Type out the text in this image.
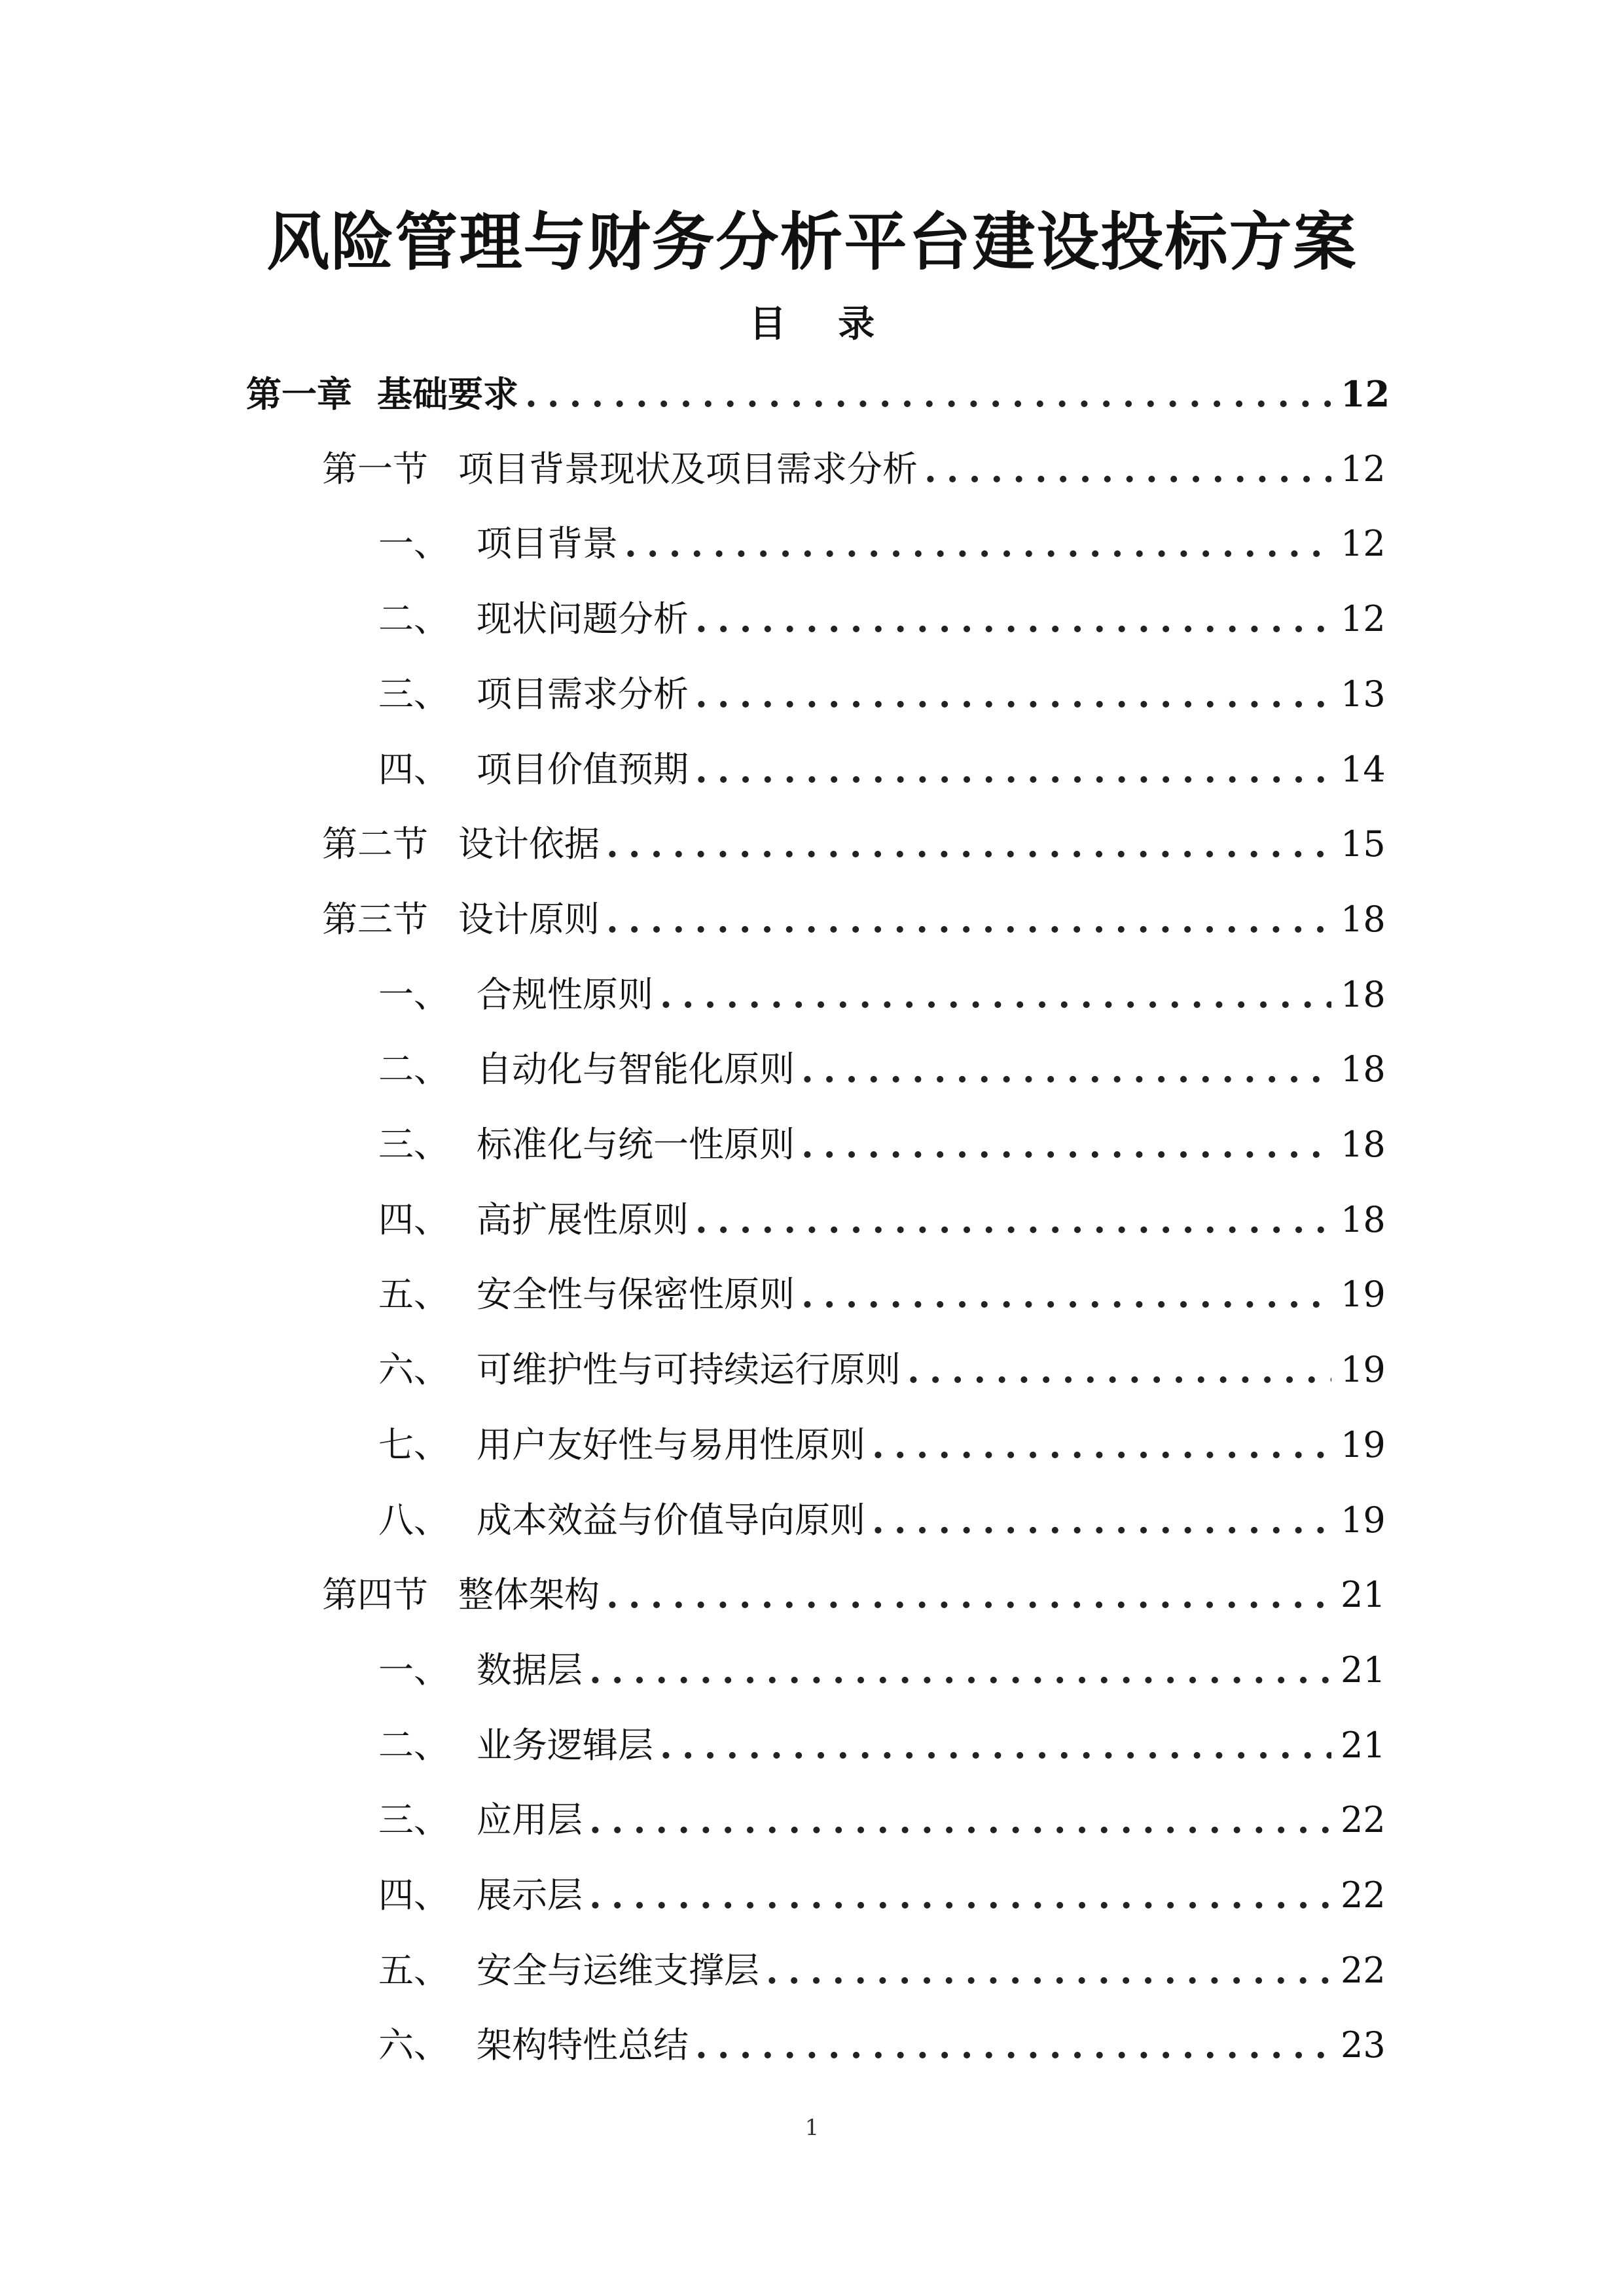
风险管理与财务分析平台建设投标方案
目 录
第一章 基础要求 .....	12
第一节 项目背景现状及项目需求分析 .....	12
一、 项目背景 .....	12
二、 现状问题分析 .....	12
三、 项目需求分析 .....	13
四、 项目价值预期 .....	14
第二节 设计依据 .....	15
第三节 设计原则 .....	18
一、 合规性原则 .....	18
二、 自动化与智能化原则 .....	18
三、 标准化与统一性原则 .....	18
四、 高扩展性原则 .....	18
五、 安全性与保密性原则 .....	19
六、 可维护性与可持续运行原则 .....	19
七、 用户友好性与易用性原则 .....	19
八、 成本效益与价值导向原则 .....	19
第四节 整体架构 .....	21
一、 数据层 .....	21
二、 业务逻辑层 .....	21
三、 应用层 .....	22
四、 展示层 .....	22
五、 安全与运维支撑层 .....	22
六、 架构特性总结 .....	23
1
